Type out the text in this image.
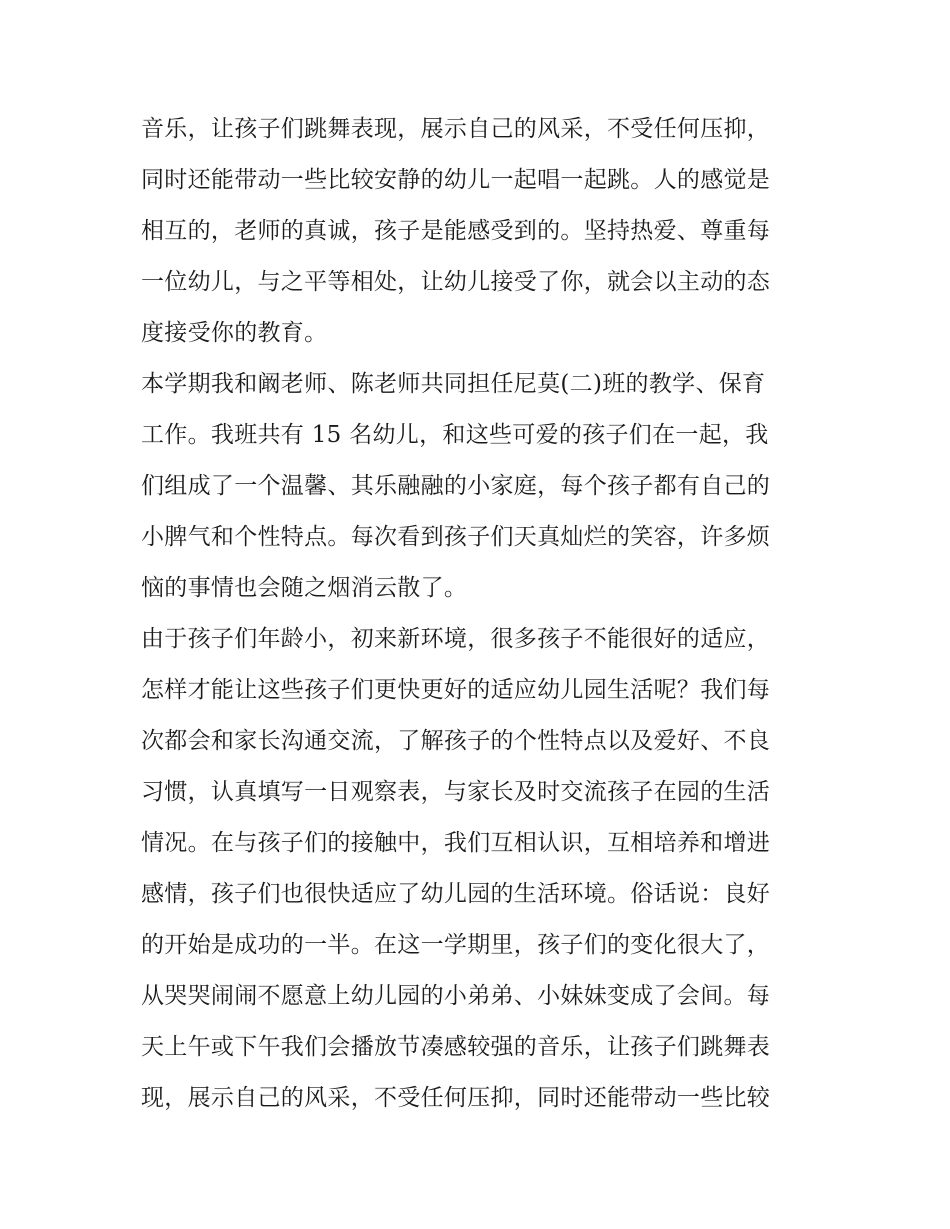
音乐，让孩子们跳舞表现，展示自己的风采，不受任何压抑，
同时还能带动一些比较安静的幼儿一起唱一起跳。人的感觉是
相互的，老师的真诚，孩子是能感受到的。坚持热爱、尊重每
一位幼儿，与之平等相处，让幼儿接受了你，就会以主动的态
度接受你的教育。
本学期我和阚老师、陈老师共同担任尼莫(二)班的教学、保育
工作。我班共有 15 名幼儿，和这些可爱的孩子们在一起，我
们组成了一个温馨、其乐融融的小家庭，每个孩子都有自己的
小脾气和个性特点。每次看到孩子们天真灿烂的笑容，许多烦
恼的事情也会随之烟消云散了。
由于孩子们年龄小，初来新环境，很多孩子不能很好的适应，
怎样才能让这些孩子们更快更好的适应幼儿园生活呢？我们每
次都会和家长沟通交流，了解孩子的个性特点以及爱好、不良
习惯，认真填写一日观察表，与家长及时交流孩子在园的生活
情况。在与孩子们的接触中，我们互相认识，互相培养和增进
感情，孩子们也很快适应了幼儿园的生活环境。俗话说：良好
的开始是成功的一半。在这一学期里，孩子们的变化很大了，
从哭哭闹闹不愿意上幼儿园的小弟弟、小妹妹变成了会间。每
天上午或下午我们会播放节凑感较强的音乐，让孩子们跳舞表
现，展示自己的风采，不受任何压抑，同时还能带动一些比较
